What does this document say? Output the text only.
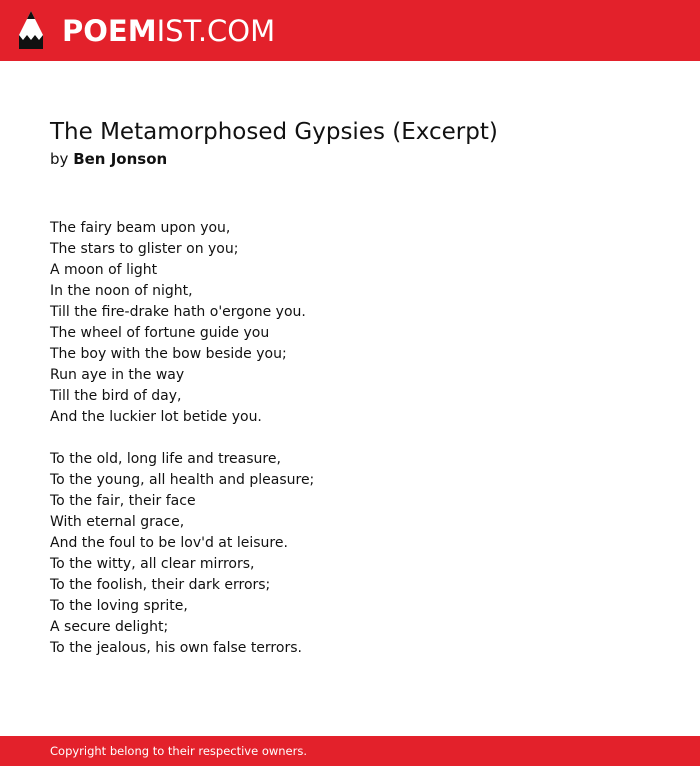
POEMIST.COM
The Metamorphosed Gypsies (Excerpt)
by Ben Jonson
The fairy beam upon you,
The stars to glister on you;
A moon of light
In the noon of night,
Till the fire-drake hath o'ergone you.
The wheel of fortune guide you
The boy with the bow beside you;
Run aye in the way
Till the bird of day,
And the luckier lot betide you.
To the old, long life and treasure,
To the young, all health and pleasure;
To the fair, their face
With eternal grace,
And the foul to be lov'd at leisure.
To the witty, all clear mirrors,
To the foolish, their dark errors;
To the loving sprite,
A secure delight;
To the jealous, his own false terrors.
Copyright belong to their respective owners.
